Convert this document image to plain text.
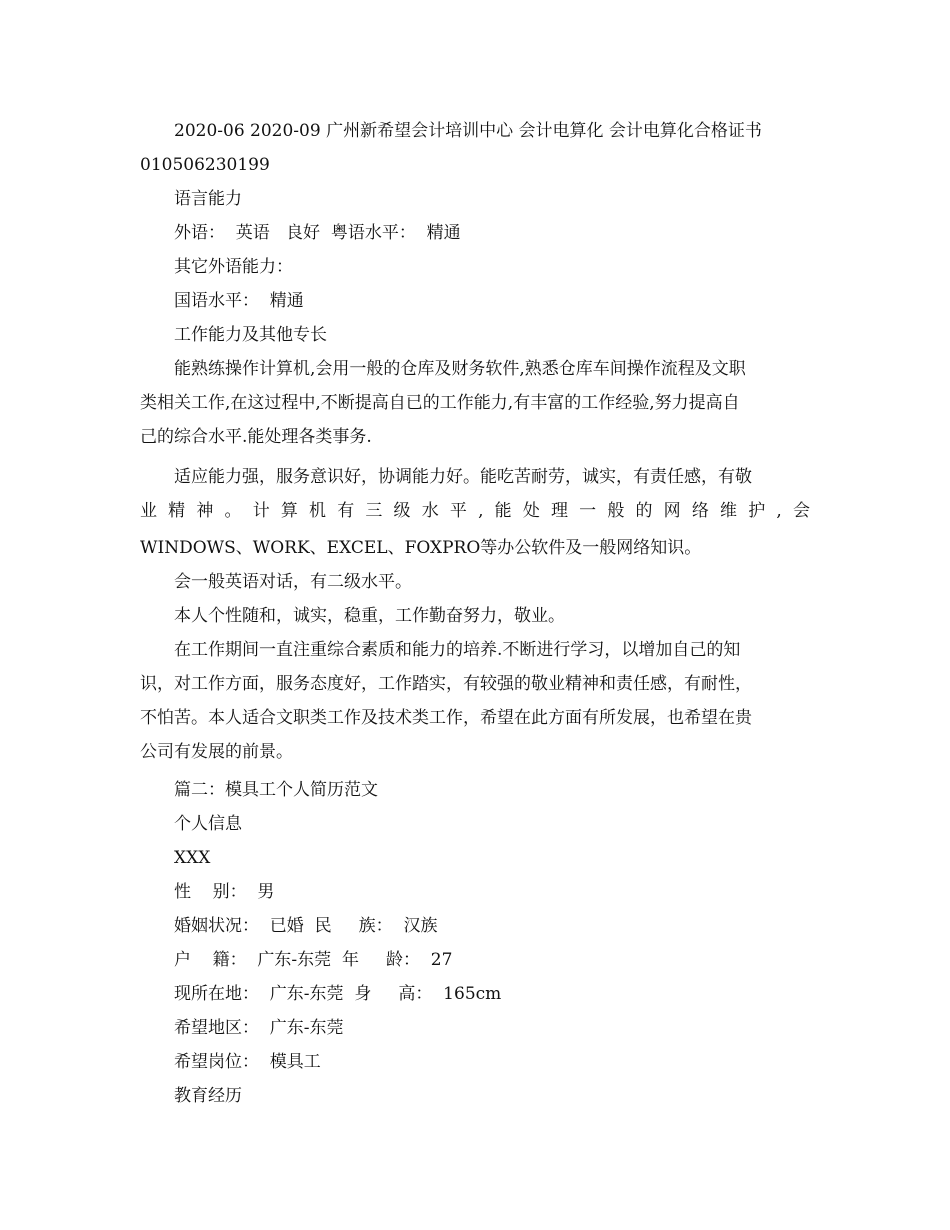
2020-06 2020-09 广州新希望会计培训中心 会计电算化 会计电算化合格证书
010506230199
语言能力
外语：  英语   良好  粤语水平：  精通
其它外语能力：
国语水平：  精通
工作能力及其他专长
能熟练操作计算机,会用一般的仓库及财务软件,熟悉仓库车间操作流程及文职
类相关工作,在这过程中,不断提高自已的工作能力,有丰富的工作经验,努力提高自
己的综合水平.能处理各类事务.
适应能力强，服务意识好，协调能力好。能吃苦耐劳，诚实，有责任感，有敬
业 精 神 。 计 算 机 有 三 级 水 平 , 能 处 理 一 般 的 网 络 维 护 , 会
WINDOWS、WORK、EXCEL、FOXPRO等办公软件及一般网络知识。
会一般英语对话，有二级水平。
本人个性随和，诚实，稳重，工作勤奋努力，敬业。
在工作期间一直注重综合素质和能力的培养.不断进行学习，以增加自己的知
识，对工作方面，服务态度好，工作踏实，有较强的敬业精神和责任感，有耐性，
不怕苦。本人适合文职类工作及技术类工作，希望在此方面有所发展，也希望在贵
公司有发展的前景。
篇二：模具工个人简历范文
个人信息
XXX
性    别：  男
婚姻状况：  已婚  民     族：  汉族
户    籍：  广东-东莞  年     龄：  27
现所在地：  广东-东莞  身     高：  165cm
希望地区：  广东-东莞
希望岗位：  模具工
教育经历
